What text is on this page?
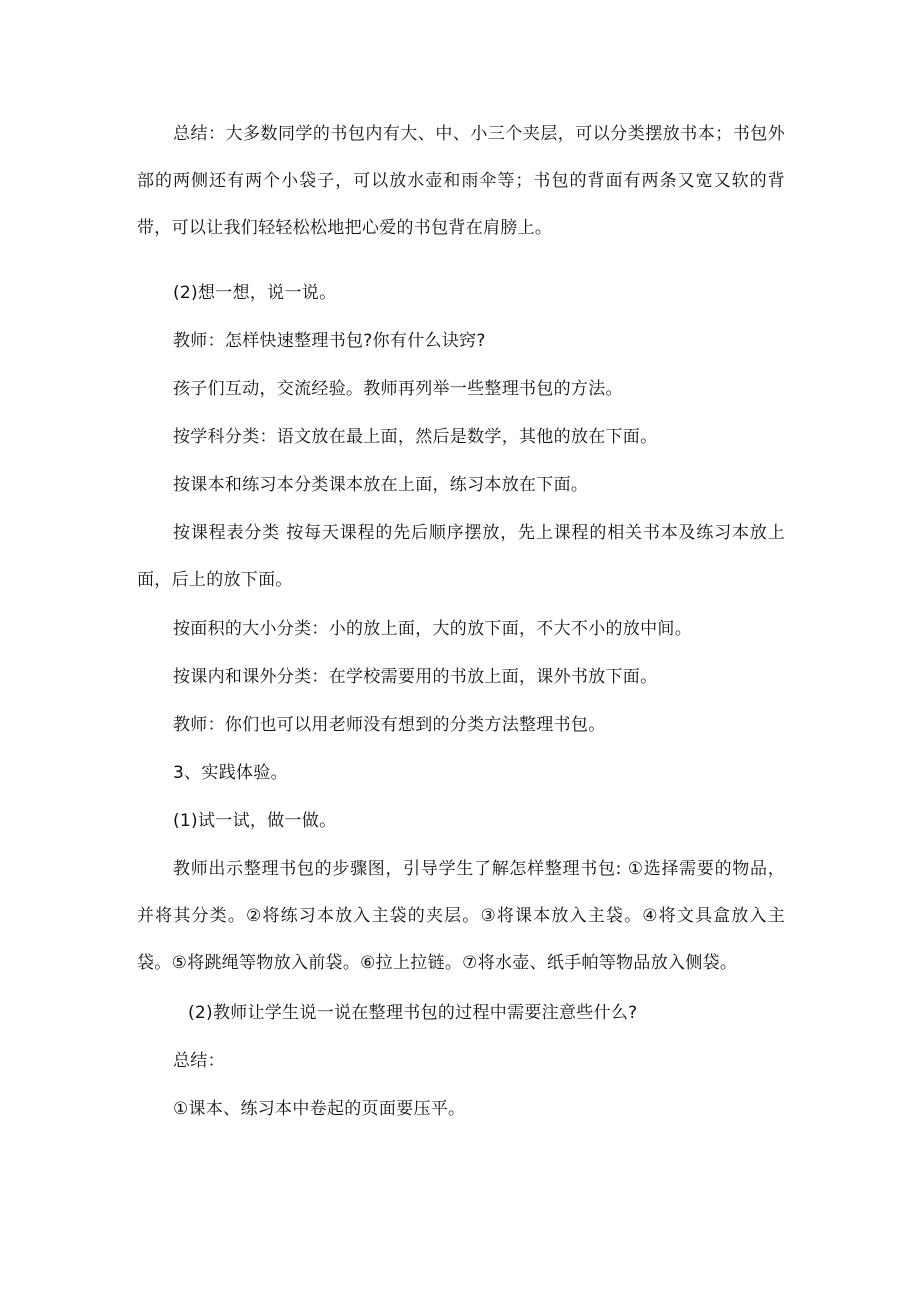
总结：大多数同学的书包内有大、中、小三个夹层，可以分类摆放书本；书包外部的两侧还有两个小袋子，可以放水壶和雨伞等；书包的背面有两条又宽又软的背带，可以让我们轻轻松松地把心爱的书包背在肩膀上。

(2)想一想，说一说。

教师：怎样快速整理书包?你有什么诀窍?

孩子们互动，交流经验。教师再列举一些整理书包的方法。

按学科分类：语文放在最上面，然后是数学，其他的放在下面。

按课本和练习本分类课本放在上面，练习本放在下面。

按课程表分类 按每天课程的先后顺序摆放，先上课程的相关书本及练习本放上面，后上的放下面。

按面积的大小分类：小的放上面，大的放下面，不大不小的放中间。

按课内和课外分类：在学校需要用的书放上面，课外书放下面。

教师：你们也可以用老师没有想到的分类方法整理书包。

3、实践体验。

(1)试一试，做一做。

教师出示整理书包的步骤图，引导学生了解怎样整理书包: ①选择需要的物品，并将其分类。②将练习本放入主袋的夹层。③将课本放入主袋。④将文具盒放入主袋。⑤将跳绳等物放入前袋。⑥拉上拉链。⑦将水壶、纸手帕等物品放入侧袋。

(2)教师让学生说一说在整理书包的过程中需要注意些什么?

总结：

①课本、练习本中卷起的页面要压平。
